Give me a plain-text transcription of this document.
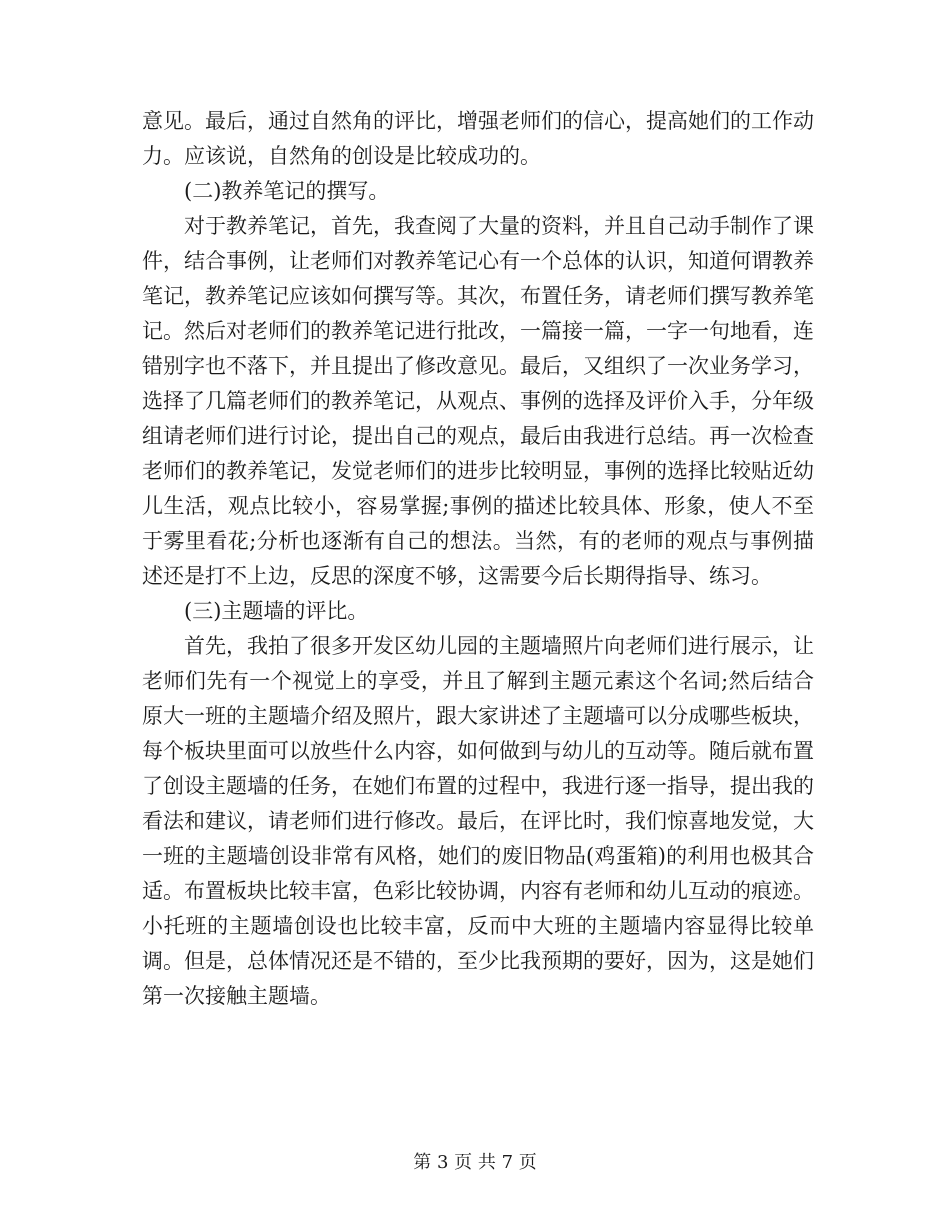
意见。最后，通过自然角的评比，增强老师们的信心，提高她们的工作动力。应该说，自然角的创设是比较成功的。

(二)教养笔记的撰写。

对于教养笔记，首先，我查阅了大量的资料，并且自己动手制作了课件，结合事例，让老师们对教养笔记心有一个总体的认识，知道何谓教养笔记，教养笔记应该如何撰写等。其次，布置任务，请老师们撰写教养笔记。然后对老师们的教养笔记进行批改，一篇接一篇，一字一句地看，连错别字也不落下，并且提出了修改意见。最后，又组织了一次业务学习，选择了几篇老师们的教养笔记，从观点、事例的选择及评价入手，分年级组请老师们进行讨论，提出自己的观点，最后由我进行总结。再一次检查老师们的教养笔记，发觉老师们的进步比较明显，事例的选择比较贴近幼儿生活，观点比较小，容易掌握;事例的描述比较具体、形象，使人不至于雾里看花;分析也逐渐有自己的想法。当然，有的老师的观点与事例描述还是打不上边，反思的深度不够，这需要今后长期得指导、练习。

(三)主题墙的评比。

首先，我拍了很多开发区幼儿园的主题墙照片向老师们进行展示，让老师们先有一个视觉上的享受，并且了解到主题元素这个名词;然后结合原大一班的主题墙介绍及照片，跟大家讲述了主题墙可以分成哪些板块，每个板块里面可以放些什么内容，如何做到与幼儿的互动等。随后就布置了创设主题墙的任务，在她们布置的过程中，我进行逐一指导，提出我的看法和建议，请老师们进行修改。最后，在评比时，我们惊喜地发觉，大一班的主题墙创设非常有风格，她们的废旧物品(鸡蛋箱)的利用也极其合适。布置板块比较丰富，色彩比较协调，内容有老师和幼儿互动的痕迹。小托班的主题墙创设也比较丰富，反而中大班的主题墙内容显得比较单调。但是，总体情况还是不错的，至少比我预期的要好，因为，这是她们第一次接触主题墙。

第 3 页 共 7 页
